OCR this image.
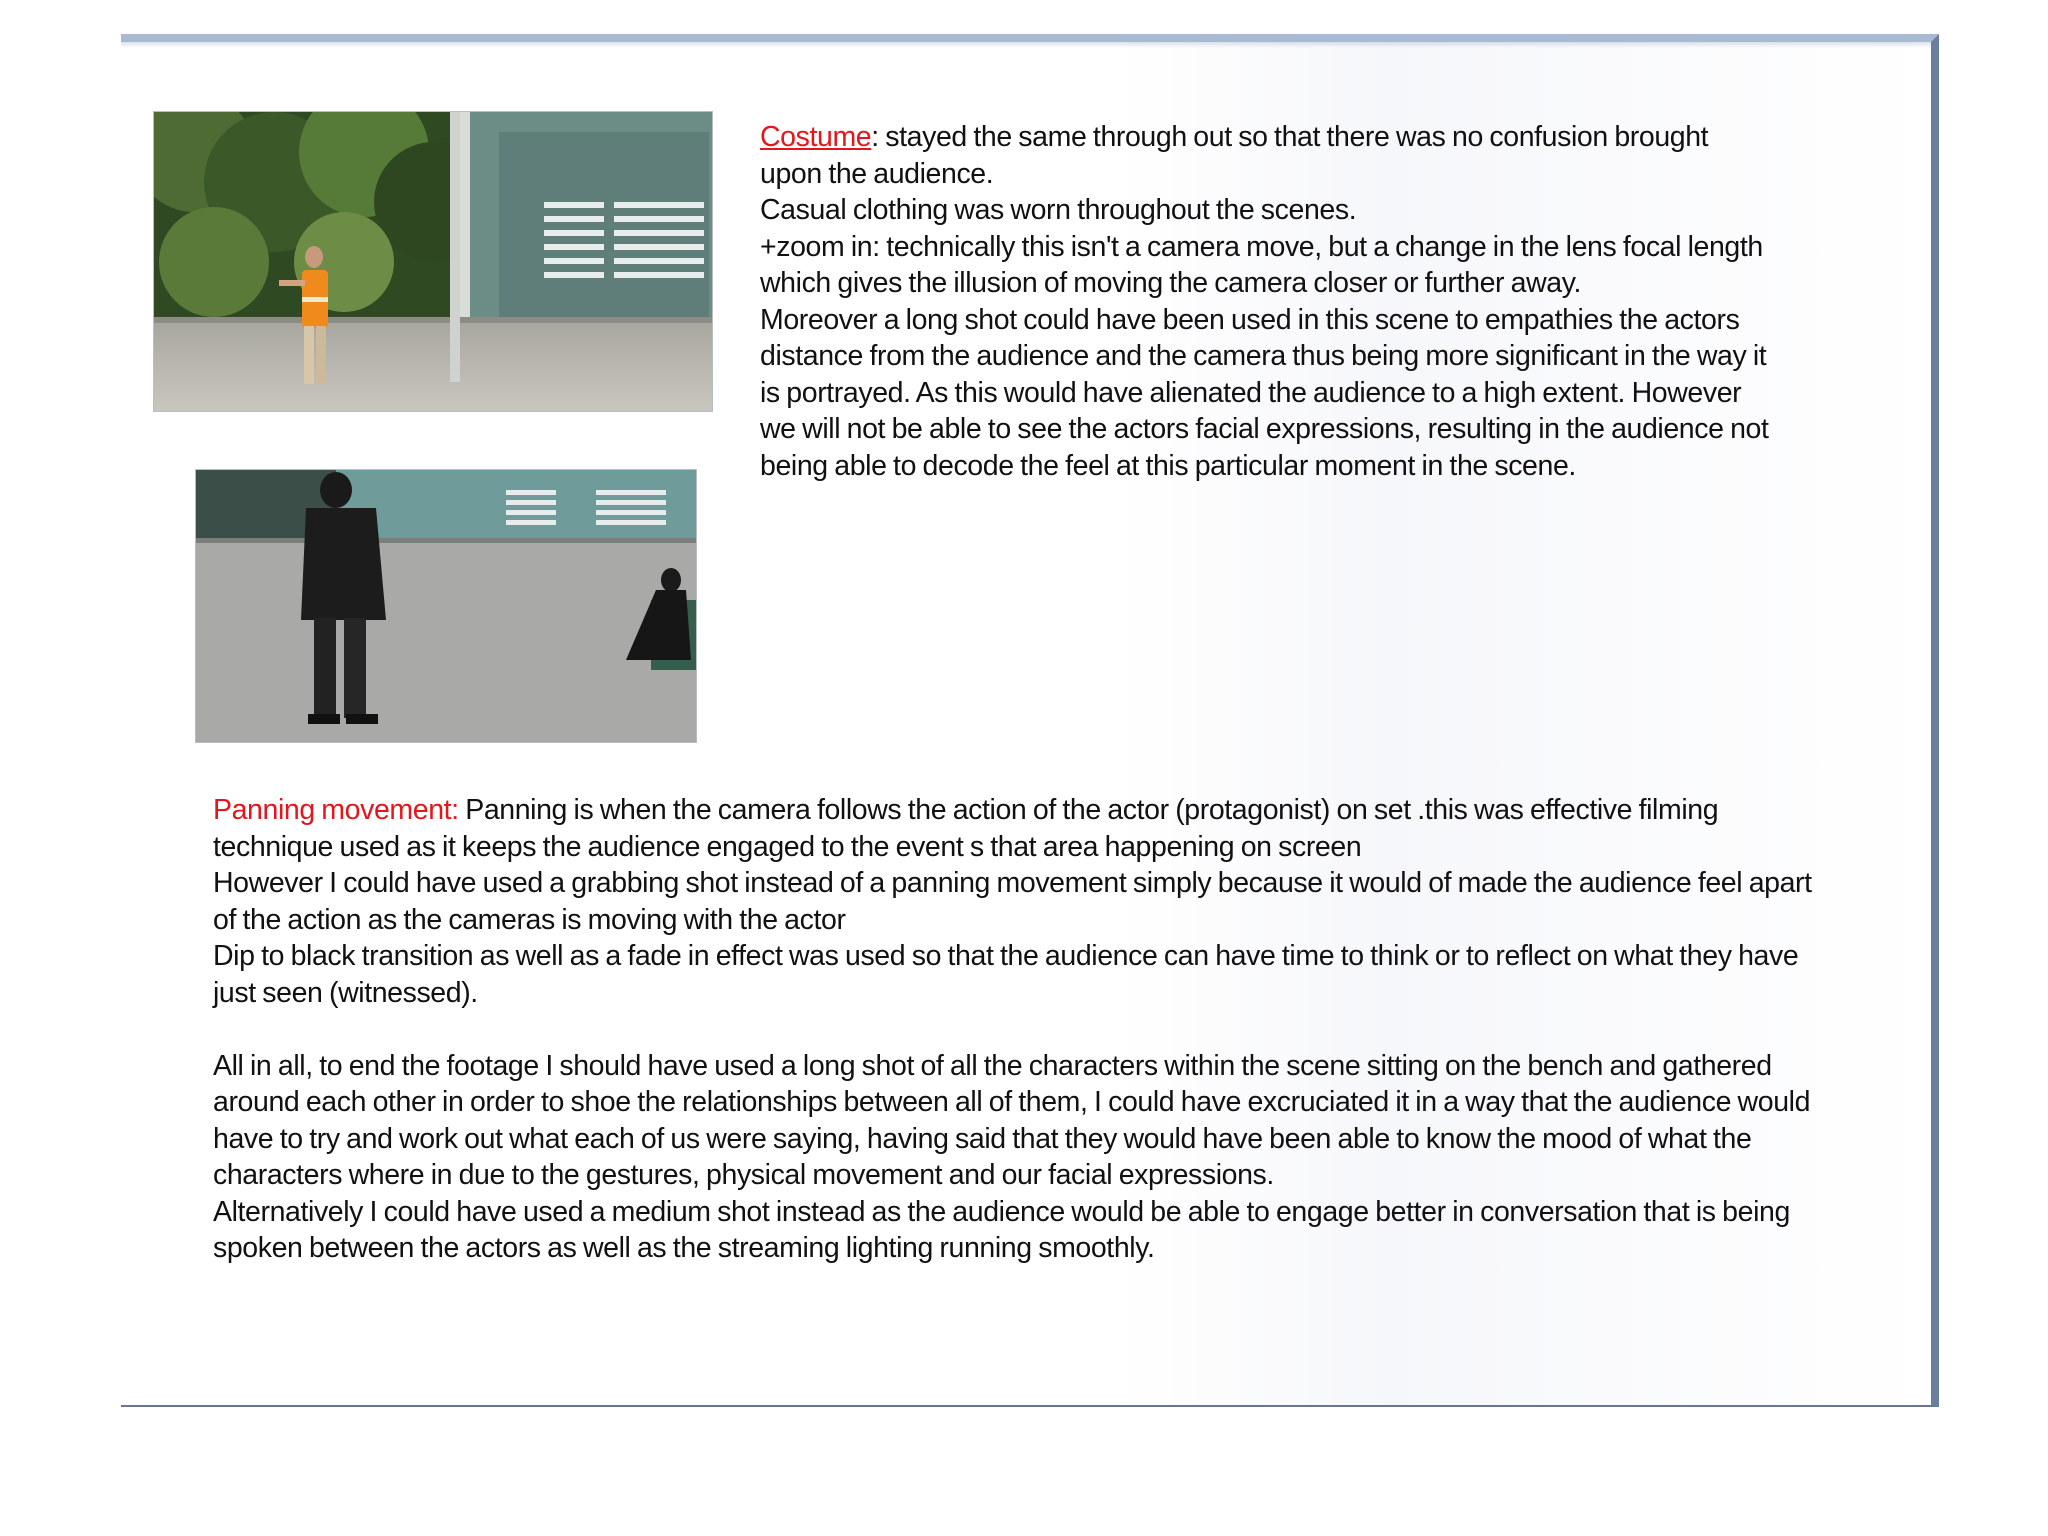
Costume: stayed the same through out so that there was no confusion brought upon the audience.

Casual clothing was worn throughout the scenes.

+zoom in: technically this isn't a camera move, but a change in the lens focal length which gives the illusion of moving the camera closer or further away.

Moreover a long shot could have been used in this scene to empathies the actors distance from the audience and the camera thus being more significant in the way it is portrayed. As this would have alienated the audience to a high extent. However we will not be able to see the actors facial expressions, resulting in the audience not being able to decode the feel at this particular moment in the scene.

Panning movement: Panning is when the camera follows the action of the actor (protagonist) on set .this was effective filming technique used as it keeps the audience engaged to the event s that area happening on screen

However I could have used a grabbing shot instead of a panning movement simply because it would of made the audience feel apart of the action as the cameras is moving with the actor

Dip to black transition as well as a fade in effect was used so that the audience can have time to think or to reflect on what they have just seen (witnessed).

All in all, to end the footage I should have used a long shot of all the characters within the scene sitting on the bench and gathered around each other in order to shoe the relationships between all of them, I could have excruciated it in a way that the audience would have to try and work out what each of us were saying, having said that they would have been able to know the mood of what the characters where in due to the gestures, physical movement and our facial expressions.

Alternatively I could have used a medium shot instead as the audience would be able to engage better in conversation that is being spoken between the actors as well as the streaming lighting running smoothly.
